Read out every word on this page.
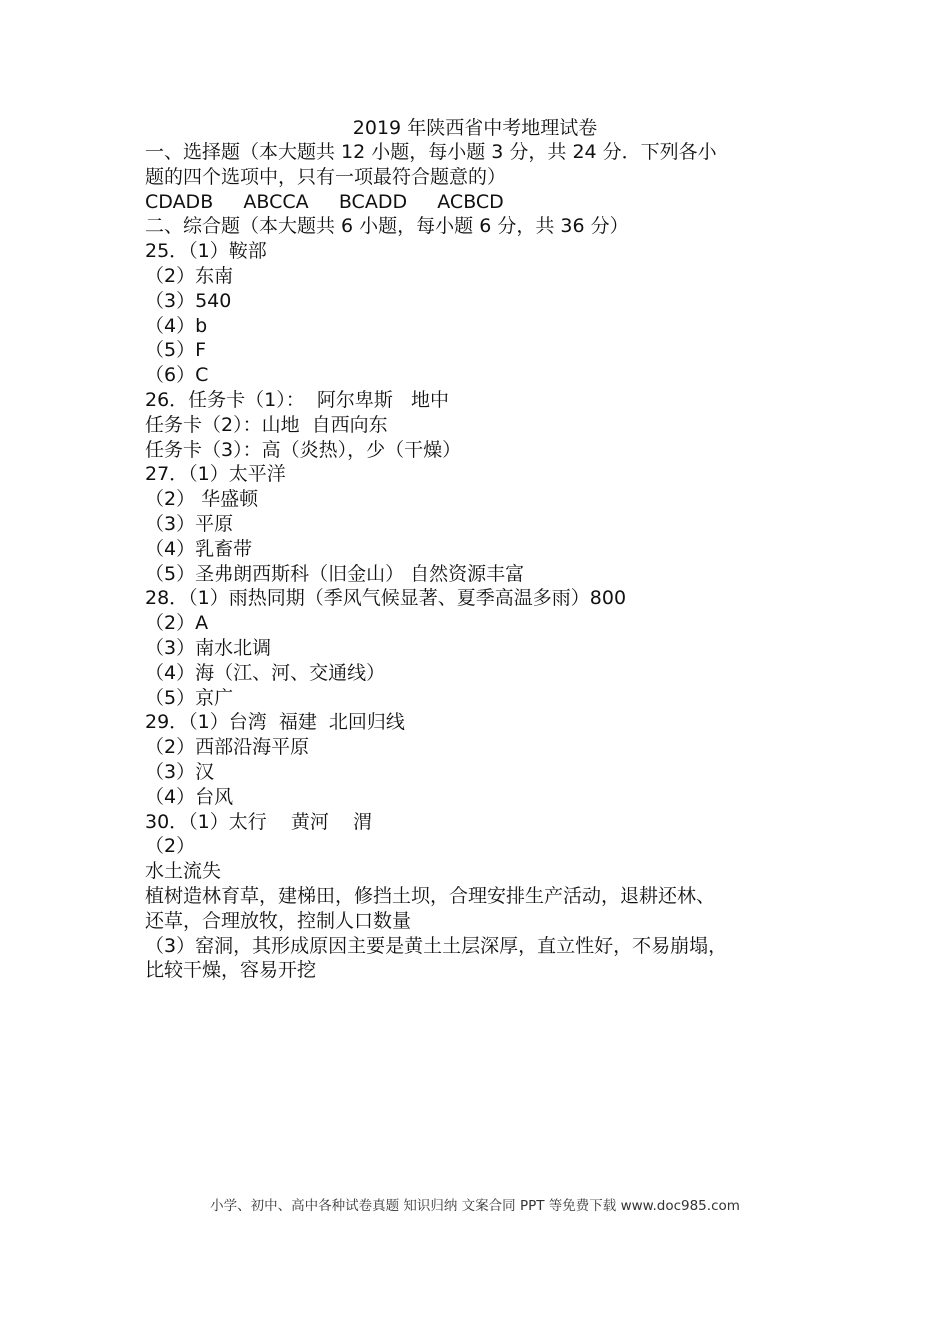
2019 年陕西省中考地理试卷
一、选择题（本大题共 12 小题，每小题 3 分，共 24 分．下列各小
题的四个选项中，只有一项最符合题意的）
CDADB     ABCCA     BCADD     ACBCD
二、综合题（本大题共 6 小题，每小题 6 分，共 36 分）
25．（1）鞍部
（2）东南
（3）540
（4）b
（5）F
（6）C
26．任务卡（1）：  阿尔卑斯   地中
任务卡（2）：山地  自西向东
任务卡（3）：高（炎热），少（干燥）
27．（1）太平洋
（2） 华盛顿
（3）平原
（4）乳畜带
（5）圣弗朗西斯科（旧金山） 自然资源丰富
28．（1）雨热同期（季风气候显著、夏季高温多雨）800
（2）A
（3）南水北调
（4）海（江、河、交通线）
（5）京广
29．（1）台湾  福建  北回归线
（2）西部沿海平原
（3）汉
（4）台风
30．（1）太行    黄河    渭
（2）
水土流失
植树造林育草，建梯田，修挡土坝，合理安排生产活动，退耕还林、
还草，合理放牧，控制人口数量
（3）窑洞，其形成原因主要是黄土土层深厚，直立性好，不易崩塌，
比较干燥，容易开挖
小学、初中、高中各种试卷真题 知识归纳 文案合同 PPT 等免费下载 www.doc985.com
